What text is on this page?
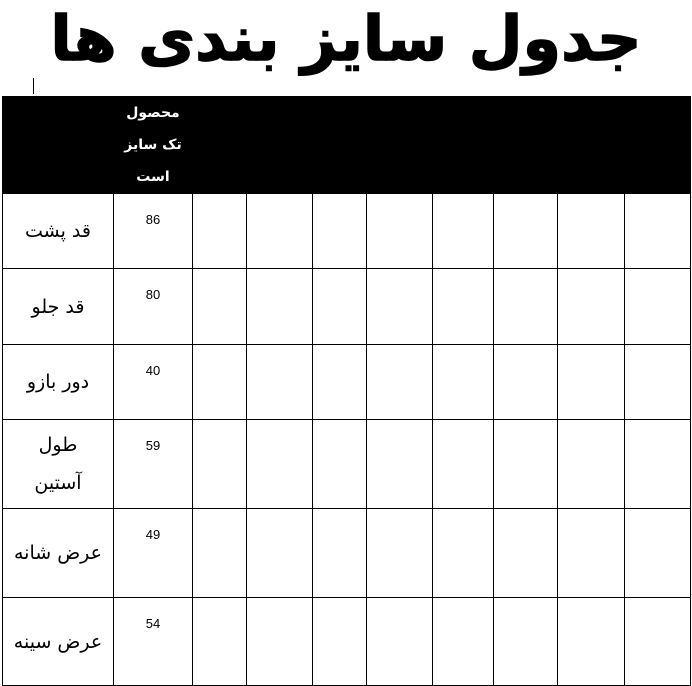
جدول سایز بندی ها
	محصول
تک سایز
است								
قد پشت	86								
قد جلو	80								
دور بازو	40								
طول
آستین	59								
عرض شانه	49								
عرض سینه	54								
